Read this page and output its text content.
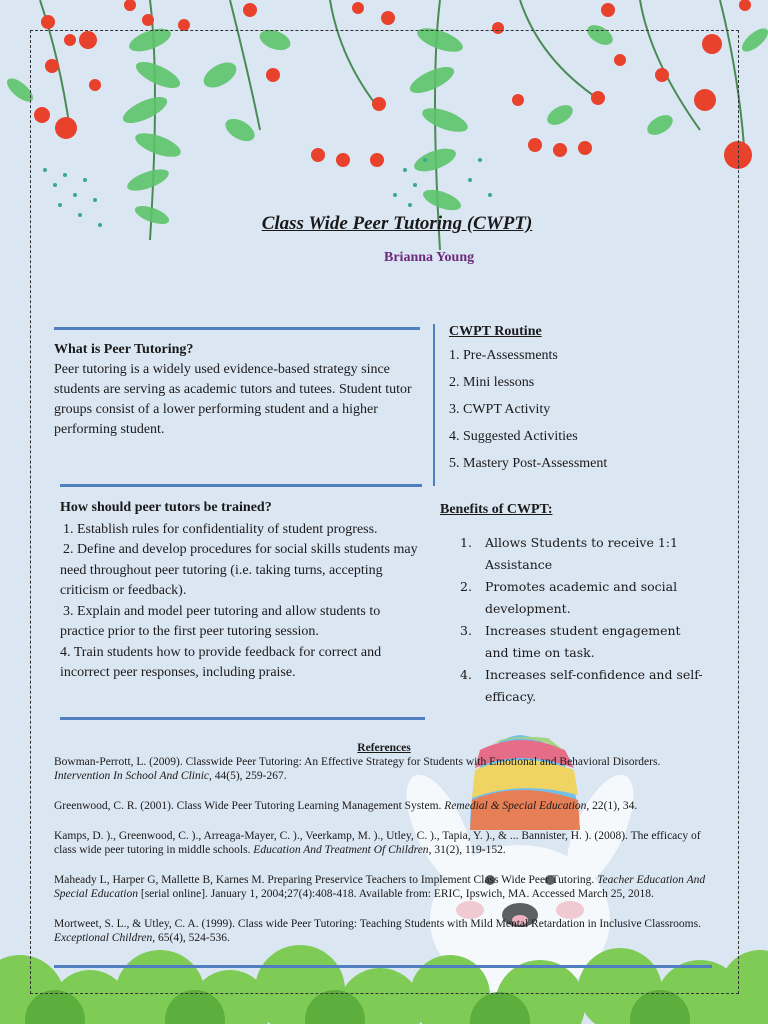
Class Wide Peer Tutoring (CWPT)
Brianna Young
What is Peer Tutoring?
Peer tutoring is a widely used evidence-based strategy since students are serving as academic tutors and tutees. Student tutor groups consist of a lower performing student and a higher performing student.
CWPT Routine
1. Pre-Assessments
2. Mini lessons
3. CWPT Activity
4. Suggested Activities
5. Mastery Post-Assessment
How should peer tutors be trained?
1. Establish rules for confidentiality of student progress.
2. Define and develop procedures for social skills students may need throughout peer tutoring (i.e. taking turns, accepting criticism or feedback).
3. Explain and model peer tutoring and allow students to practice prior to the first peer tutoring session.
4. Train students how to provide feedback for correct and incorrect peer responses, including praise.
Benefits of CWPT:
1.	Allows Students to receive 1:1 Assistance
2.	Promotes academic and social development.
3.	Increases student engagement and time on task.
4.	Increases self-confidence and self-efficacy.
References
Bowman-Perrott, L. (2009). Classwide Peer Tutoring: An Effective Strategy for Students with Emotional and Behavioral Disorders. Intervention In School And Clinic, 44(5), 259-267.
Greenwood, C. R. (2001). Class Wide Peer Tutoring Learning Management System. Remedial & Special Education, 22(1), 34.
Kamps, D. )., Greenwood, C. )., Arreaga-Mayer, C. )., Veerkamp, M. )., Utley, C. )., Tapia, Y. )., & ... Bannister, H. ). (2008). The efficacy of class wide peer tutoring in middle schools. Education And Treatment Of Children, 31(2), 119-152.
Maheady L, Harper G, Mallette B, Karnes M. Preparing Preservice Teachers to Implement Class Wide Peer Tutoring. Teacher Education And Special Education [serial online]. January 1, 2004;27(4):408-418. Available from: ERIC, Ipswich, MA. Accessed March 25, 2018.
Mortweet, S. L., & Utley, C. A. (1999). Class wide Peer Tutoring: Teaching Students with Mild Mental Retardation in Inclusive Classrooms. Exceptional Children, 65(4), 524-536.
